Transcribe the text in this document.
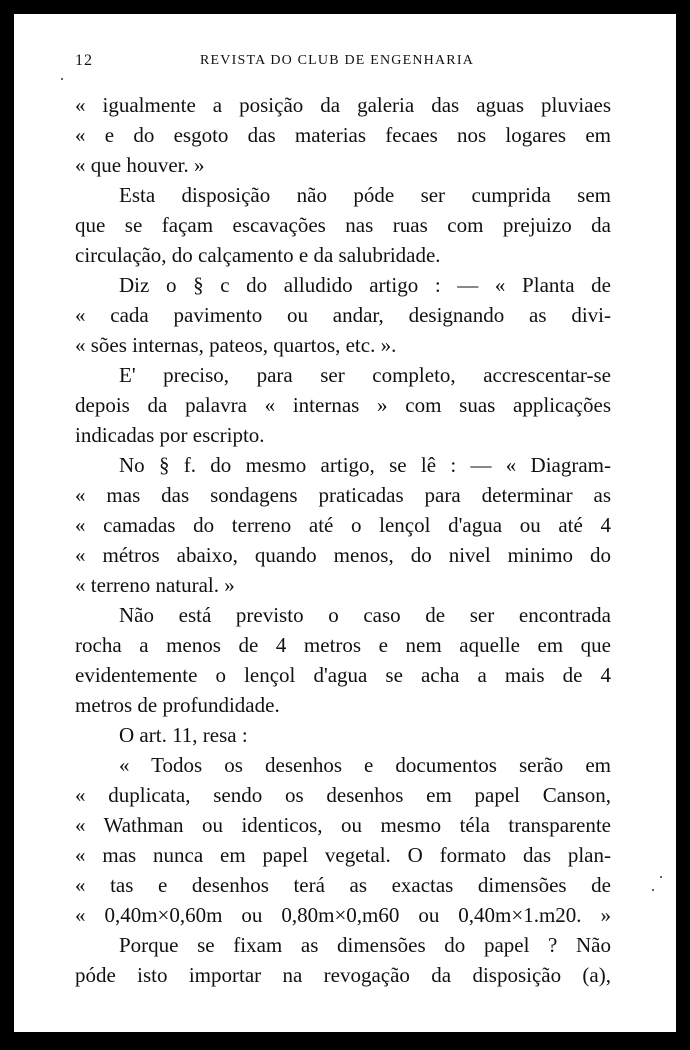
12	REVISTA DO CLUB DE ENGENHARIA
« igualmente a posição da galeria das aguas pluviaes
« e do esgoto das materias fecaes nos logares em
« que houver. »
Esta disposição não póde ser cumprida sem
que se façam escavações nas ruas com prejuizo da
circulação, do calçamento e da salubridade.
Diz o § c do alludido artigo : — « Planta de
« cada pavimento ou andar, designando as divi-
« sões internas, pateos, quartos, etc. ».
E' preciso, para ser completo, accrescentar-se
depois da palavra « internas » com suas applicações
indicadas por escripto.
No § f. do mesmo artigo, se lê : — « Diagram-
« mas das sondagens praticadas para determinar as
« camadas do terreno até o lençol d'agua ou até 4
« métros abaixo, quando menos, do nivel minimo do
« terreno natural. »
Não está previsto o caso de ser encontrada
rocha a menos de 4 metros e nem aquelle em que
evidentemente o lençol d'agua se acha a mais de 4
metros de profundidade.
O art. 11, resa :
« Todos os desenhos e documentos serão em
« duplicata, sendo os desenhos em papel Canson,
« Wathman ou identicos, ou mesmo téla transparente
« mas nunca em papel vegetal. O formato das plan-
« tas e desenhos terá as exactas dimensões de
« 0,40m×0,60m ou 0,80m×0,m60 ou 0,40m×1.m20. »
Porque se fixam as dimensões do papel ? Não
póde isto importar na revogação da disposição (a),
